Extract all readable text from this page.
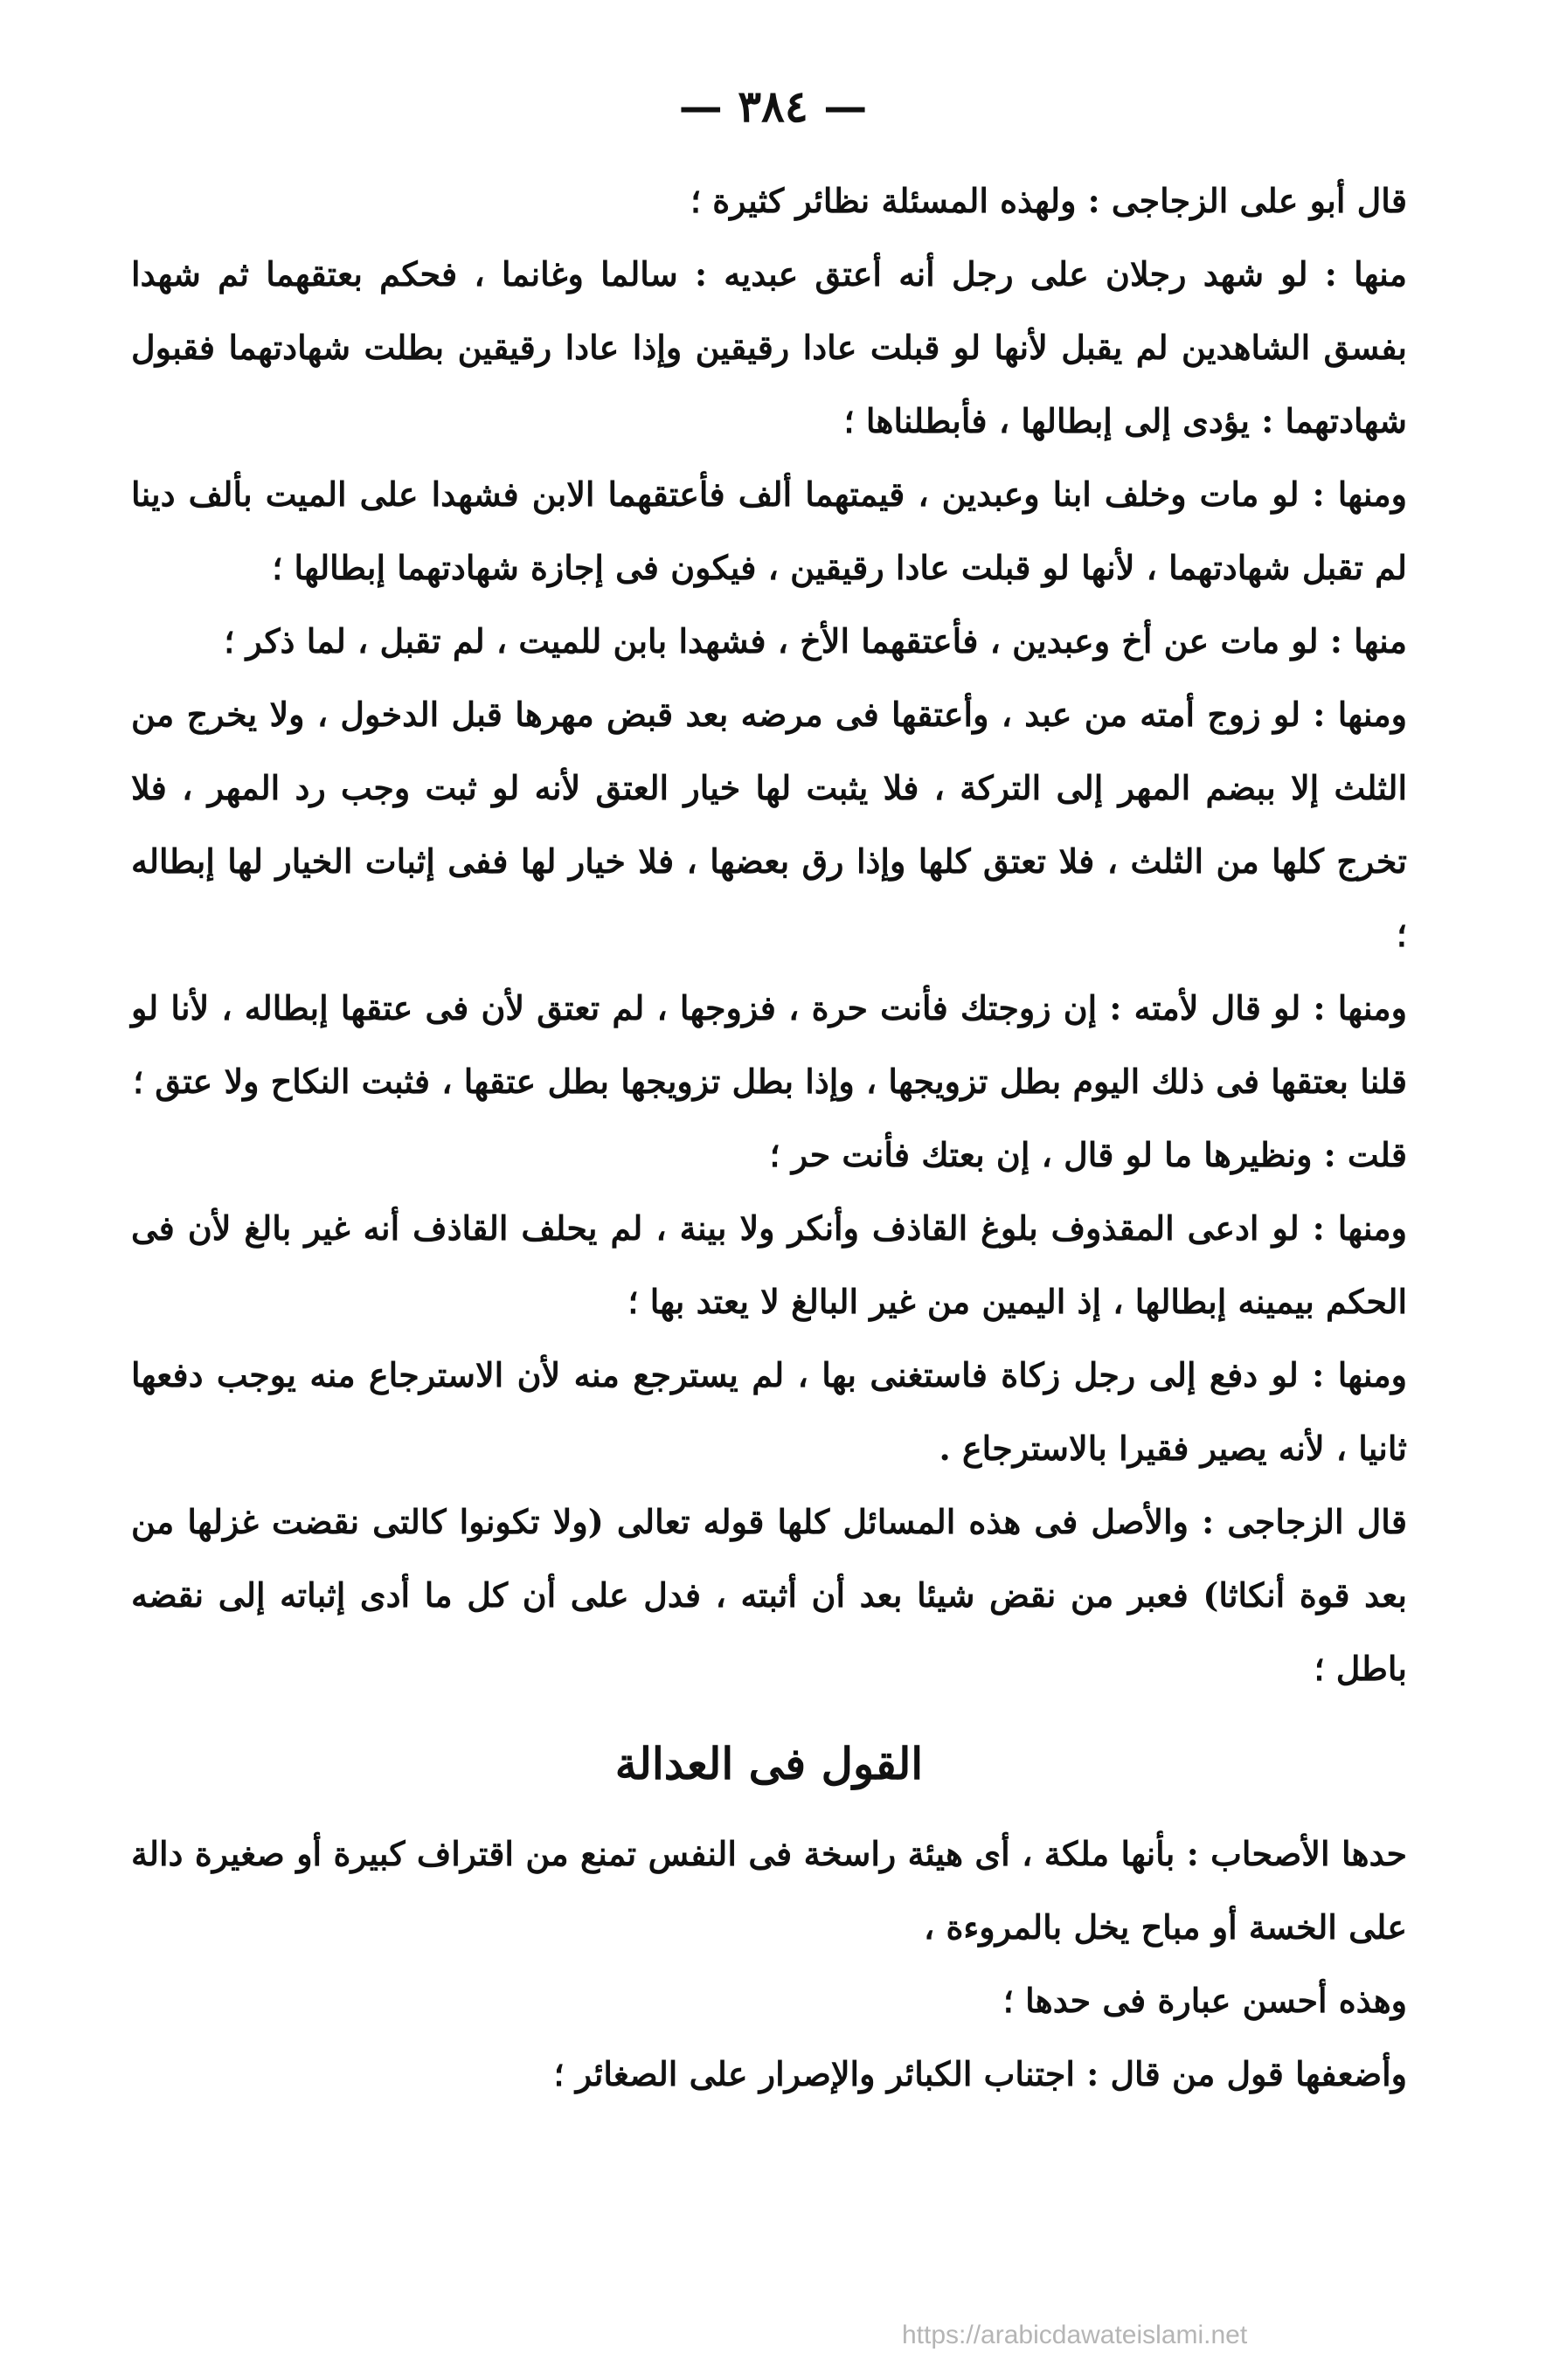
— ٣٨٤ —

قال أبو على الزجاجى : ولهذه المسئلة نظائر كثيرة ؛

منها : لو شهد رجلان على رجل أنه أعتق عبديه : سالما وغانما ، فحكم بعتقهما ثم شهدا بفسق الشاهدين لم يقبل لأنها لو قبلت عادا رقيقين وإذا عادا رقيقين بطلت شهادتهما فقبول شهادتهما : يؤدى إلى إبطالها ، فأبطلناها ؛

ومنها : لو مات وخلف ابنا وعبدين ، قيمتهما ألف فأعتقهما الابن فشهدا على الميت بألف دينا لم تقبل شهادتهما ، لأنها لو قبلت عادا رقيقين ، فيكون فى إجازة شهادتهما إبطالها ؛

منها : لو مات عن أخ وعبدين ، فأعتقهما الأخ ، فشهدا بابن للميت ، لم تقبل ، لما ذكر ؛

ومنها : لو زوج أمته من عبد ، وأعتقها فى مرضه بعد قبض مهرها قبل الدخول ، ولا يخرج من الثلث إلا ببضم المهر إلى التركة ، فلا يثبت لها خيار العتق لأنه لو ثبت وجب رد المهر ، فلا تخرج كلها من الثلث ، فلا تعتق كلها وإذا رق بعضها ، فلا خيار لها ففى إثبات الخيار لها إبطاله ؛

ومنها : لو قال لأمته : إن زوجتك فأنت حرة ، فزوجها ، لم تعتق لأن فى عتقها إبطاله ، لأنا لو قلنا بعتقها فى ذلك اليوم بطل تزويجها ، وإذا بطل تزويجها بطل عتقها ، فثبت النكاح ولا عتق ؛

قلت : ونظيرها ما لو قال ، إن بعتك فأنت حر ؛

ومنها : لو ادعى المقذوف بلوغ القاذف وأنكر ولا بينة ، لم يحلف القاذف أنه غير بالغ لأن فى الحكم بيمينه إبطالها ، إذ اليمين من غير البالغ لا يعتد بها ؛

ومنها : لو دفع إلى رجل زكاة فاستغنى بها ، لم يسترجع منه لأن الاسترجاع منه يوجب دفعها ثانيا ، لأنه يصير فقيرا بالاسترجاع .

قال الزجاجى : والأصل فى هذه المسائل كلها قوله تعالى (ولا تكونوا كالتى نقضت غزلها من بعد قوة أنكاثا) فعبر من نقض شيئا بعد أن أثبته ، فدل على أن كل ما أدى إثباته إلى نقضه باطل ؛

القول فى العدالة

حدها الأصحاب : بأنها ملكة ، أى هيئة راسخة فى النفس تمنع من اقتراف كبيرة أو صغيرة دالة على الخسة أو مباح يخل بالمروءة ،

وهذه أحسن عبارة فى حدها ؛

وأضعفها قول من قال : اجتناب الكبائر والإصرار على الصغائر ؛

https://arabicdawateislami.net
